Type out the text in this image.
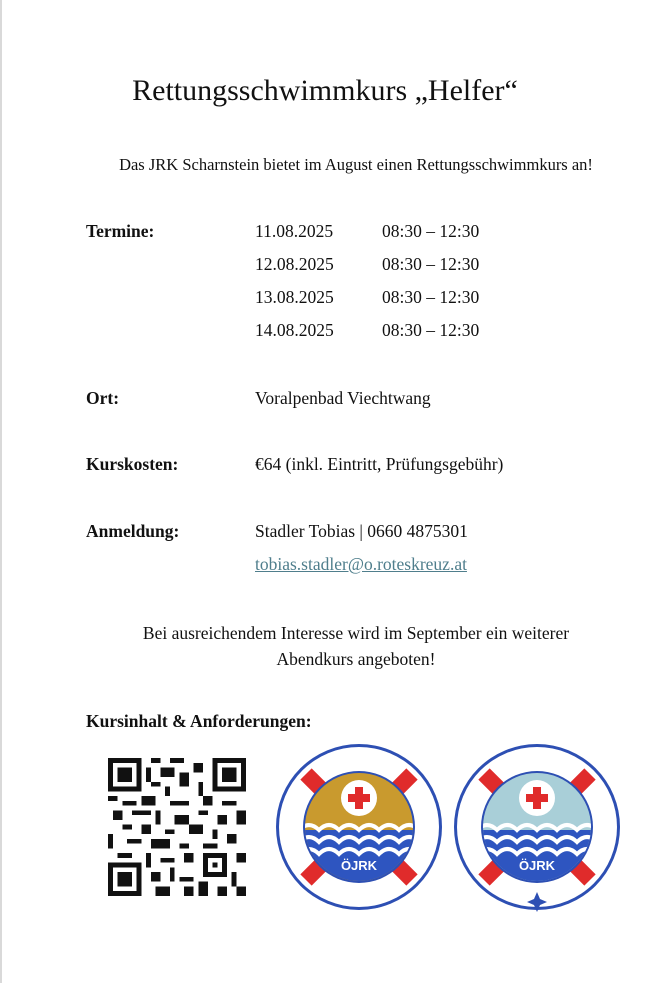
Rettungsschwimmkurs „Helfer“
Das JRK Scharnstein bietet im August einen Rettungsschwimmkurs an!
Termine:	11.08.2025	08:30 – 12:30
12.08.2025	08:30 – 12:30
13.08.2025	08:30 – 12:30
14.08.2025	08:30 – 12:30
Ort:	Voralpenbad Viechtwang
Kurskosten:	€64 (inkl. Eintritt, Prüfungsgebühr)
Anmeldung:	Stadler Tobias | 0660 4875301
tobias.stadler@o.roteskreuz.at
Bei ausreichendem Interesse wird im September ein weiterer
Abendkurs angeboten!
Kursinhalt & Anforderungen:
ÖJRK	ÖJRK
